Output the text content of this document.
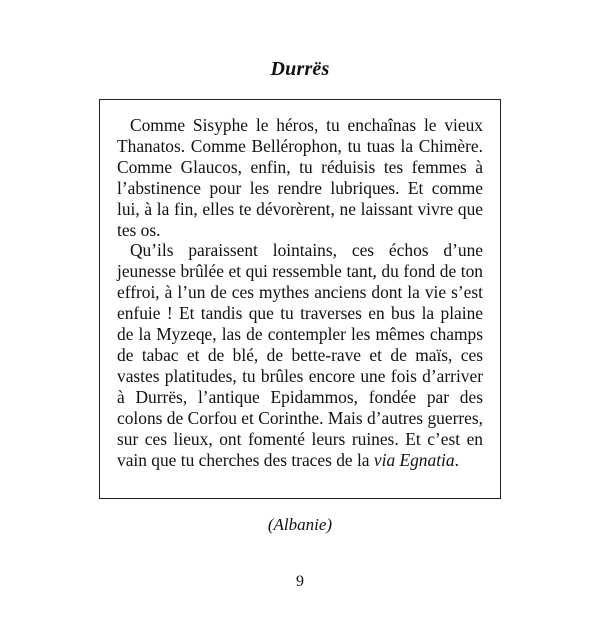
Durrës

Comme Sisyphe le héros, tu enchaînas le vieux Thanatos. Comme Bellérophon, tu tuas la Chimère. Comme Glaucos, enfin, tu réduisis tes femmes à l’abstinence pour les rendre lubriques. Et comme lui, à la fin, elles te dévorèrent, ne laissant vivre que tes os.

Qu’ils paraissent lointains, ces échos d’une jeunesse brûlée et qui ressemble tant, du fond de ton effroi, à l’un de ces mythes anciens dont la vie s’est enfuie ! Et tandis que tu traverses en bus la plaine de la Myzeqe, las de contempler les mêmes champs de tabac et de blé, de bette-rave et de maïs, ces vastes platitudes, tu brûles encore une fois d’arriver à Durrës, l’antique Epidammos, fondée par des colons de Corfou et Corinthe. Mais d’autres guerres, sur ces lieux, ont fomenté leurs ruines. Et c’est en vain que tu cherches des traces de la via Egnatia.

(Albanie)
9
